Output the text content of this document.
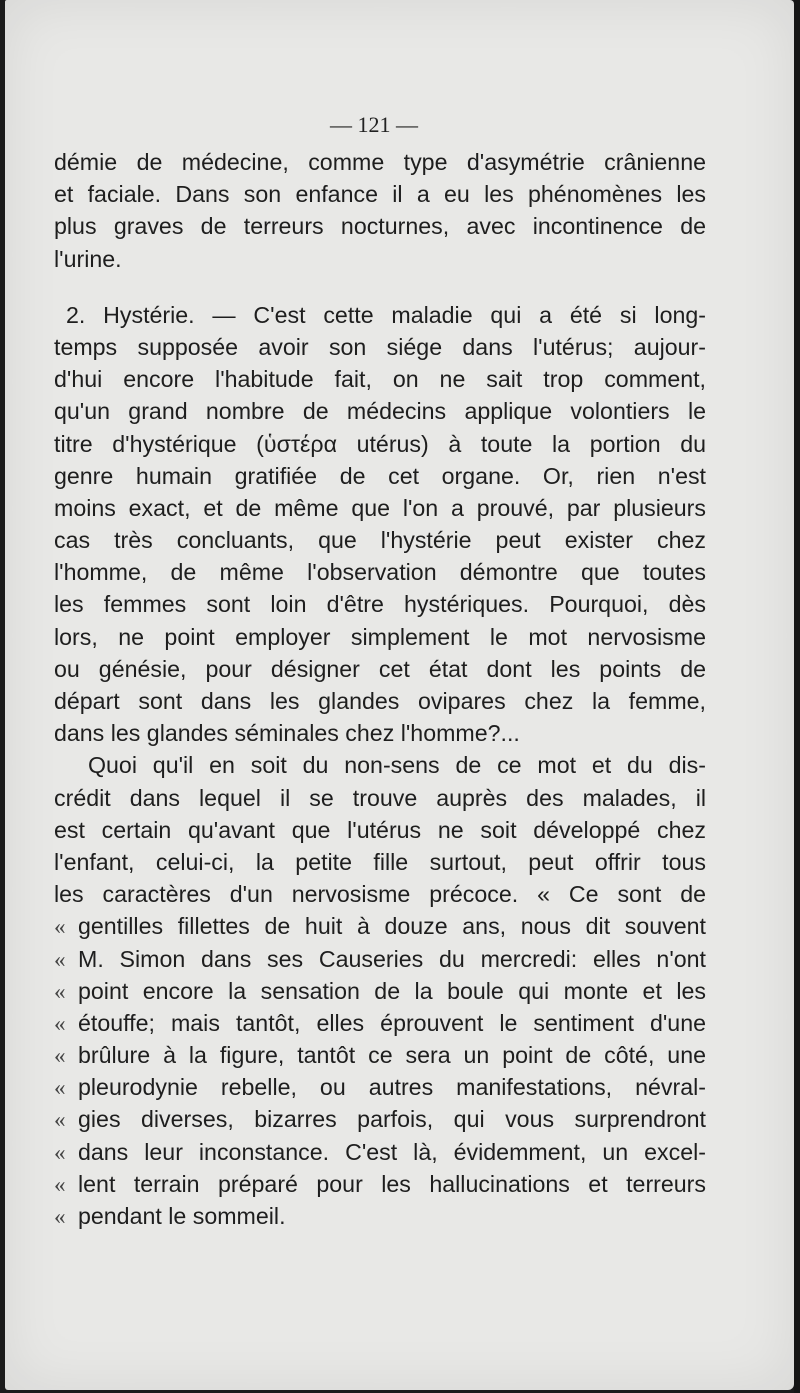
— 121 —
démie de médecine, comme type d'asymétrie crânienne
et faciale. Dans son enfance il a eu les phénomènes les
plus graves de terreurs nocturnes, avec incontinence de
l'urine.
2. Hystérie. — C'est cette maladie qui a été si long-
temps supposée avoir son siége dans l'utérus; aujour-
d'hui encore l'habitude fait, on ne sait trop comment,
qu'un grand nombre de médecins applique volontiers le
titre d'hystérique (ὑστέρα utérus) à toute la portion du
genre humain gratifiée de cet organe. Or, rien n'est
moins exact, et de même que l'on a prouvé, par plusieurs
cas très concluants, que l'hystérie peut exister chez
l'homme, de même l'observation démontre que toutes
les femmes sont loin d'être hystériques. Pourquoi, dès
lors, ne point employer simplement le mot nervosisme
ou génésie, pour désigner cet état dont les points de
départ sont dans les glandes ovipares chez la femme,
dans les glandes séminales chez l'homme?...
Quoi qu'il en soit du non-sens de ce mot et du dis-
crédit dans lequel il se trouve auprès des malades, il
est certain qu'avant que l'utérus ne soit développé chez
l'enfant, celui-ci, la petite fille surtout, peut offrir tous
les caractères d'un nervosisme précoce. « Ce sont de
« gentilles fillettes de huit à douze ans, nous dit souvent
« M. Simon dans ses Causeries du mercredi: elles n'ont
« point encore la sensation de la boule qui monte et les
« étouffe; mais tantôt, elles éprouvent le sentiment d'une
« brûlure à la figure, tantôt ce sera un point de côté, une
« pleurodynie rebelle, ou autres manifestations, névral-
« gies diverses, bizarres parfois, qui vous surprendront
« dans leur inconstance. C'est là, évidemment, un excel-
« lent terrain préparé pour les hallucinations et terreurs
« pendant le sommeil.
